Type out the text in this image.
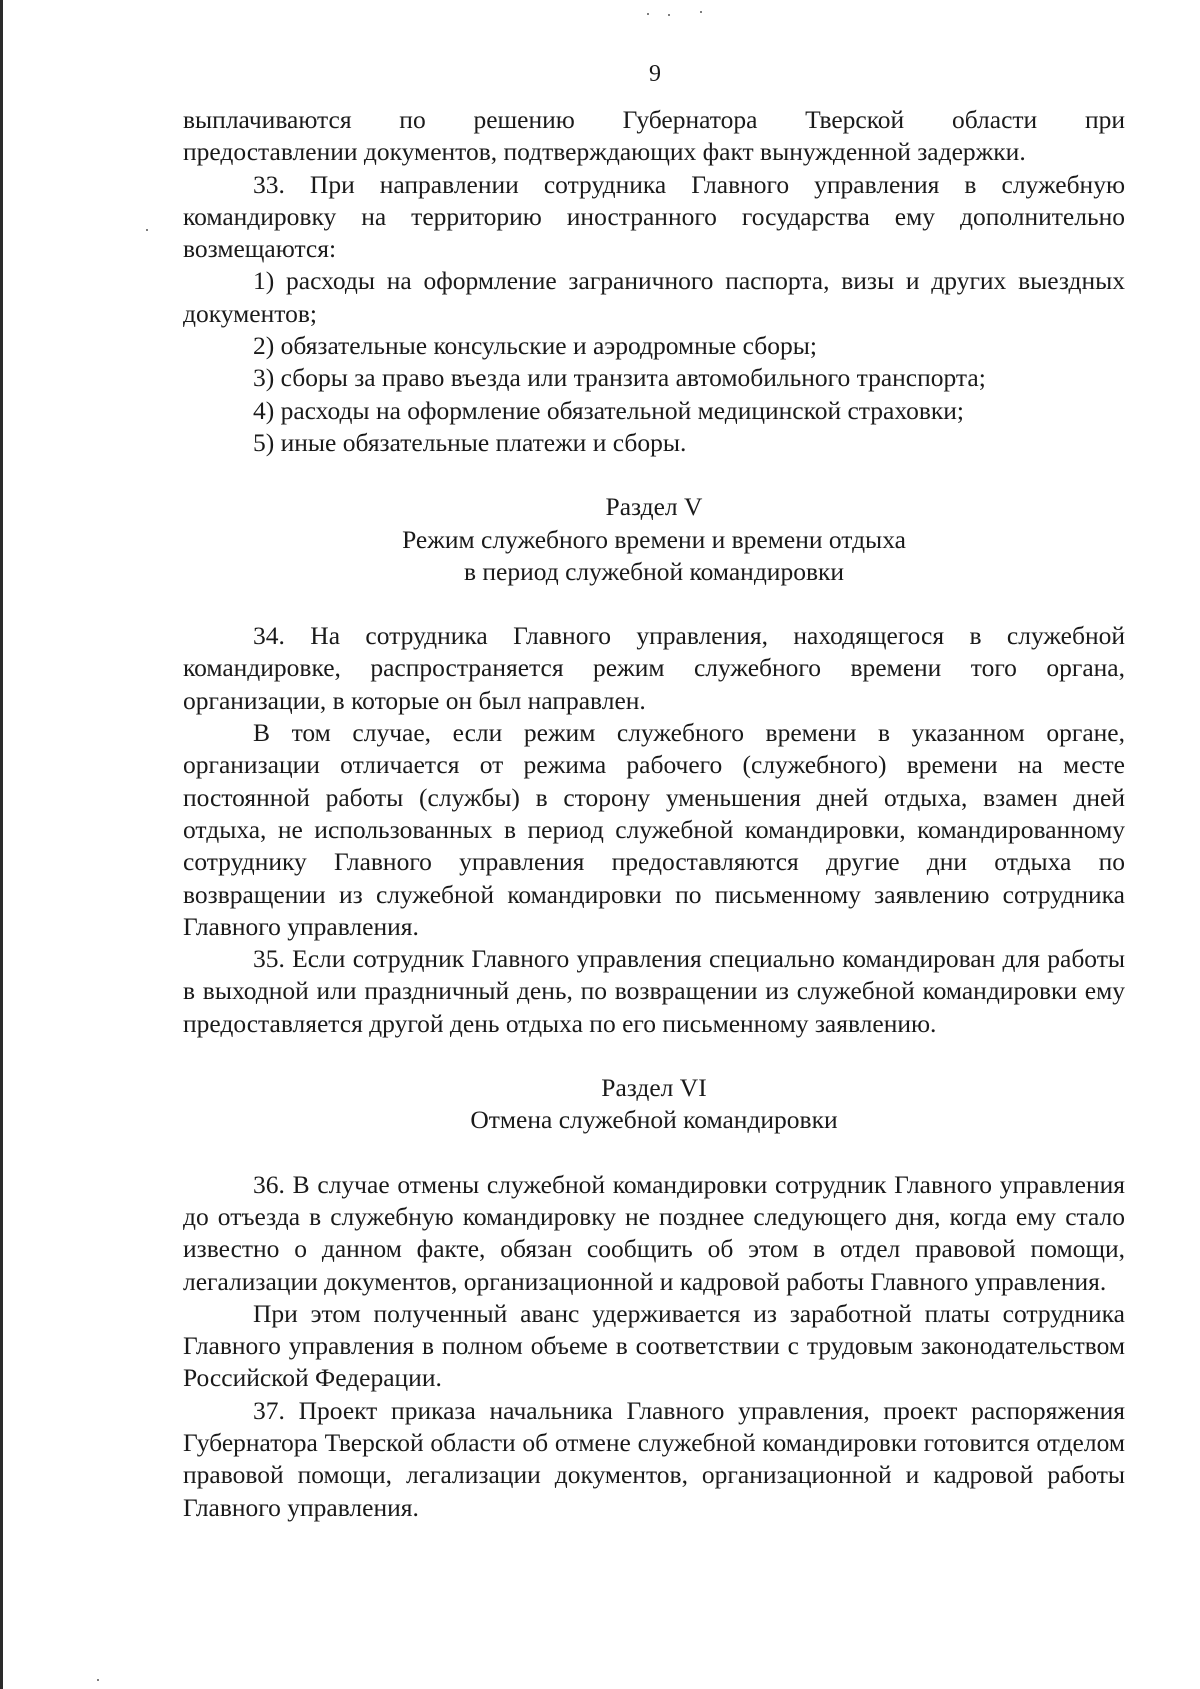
9

выплачиваются по решению Губернатора Тверской области при

предоставлении документов, подтверждающих факт вынужденной задержки.

33. При направлении сотрудника Главного управления в служебную командировку на территорию иностранного государства ему дополнительно возмещаются:

1) расходы на оформление заграничного паспорта, визы и других выездных документов;

2) обязательные консульские и аэродромные сборы;

3) сборы за право въезда или транзита автомобильного транспорта;

4) расходы на оформление обязательной медицинской страховки;

5) иные обязательные платежи и сборы.

Раздел V

Режим служебного времени и времени отдыха

в период служебной командировки

34. На сотрудника Главного управления, находящегося в служебной командировке, распространяется режим служебного времени того органа, организации, в которые он был направлен.

В том случае, если режим служебного времени в указанном органе, организации отличается от режима рабочего (служебного) времени на месте постоянной работы (службы) в сторону уменьшения дней отдыха, взамен дней отдыха, не использованных в период служебной командировки, командированному сотруднику Главного управления предоставляются другие дни отдыха по возвращении из служебной командировки по письменному заявлению сотрудника Главного управления.

35. Если сотрудник Главного управления специально командирован для работы в выходной или праздничный день, по возвращении из служебной командировки ему предоставляется другой день отдыха по его письменному заявлению.

Раздел VI

Отмена служебной командировки

36. В случае отмены служебной командировки сотрудник Главного управления до отъезда в служебную командировку не позднее следующего дня, когда ему стало известно о данном факте, обязан сообщить об этом в отдел правовой помощи, легализации документов, организационной и кадровой работы Главного управления.

При этом полученный аванс удерживается из заработной платы сотрудника Главного управления в полном объеме в соответствии с трудовым законодательством Российской Федерации.

37. Проект приказа начальника Главного управления, проект распоряжения Губернатора Тверской области об отмене служебной командировки готовится отделом правовой помощи, легализации документов, организационной и кадровой работы Главного управления.
